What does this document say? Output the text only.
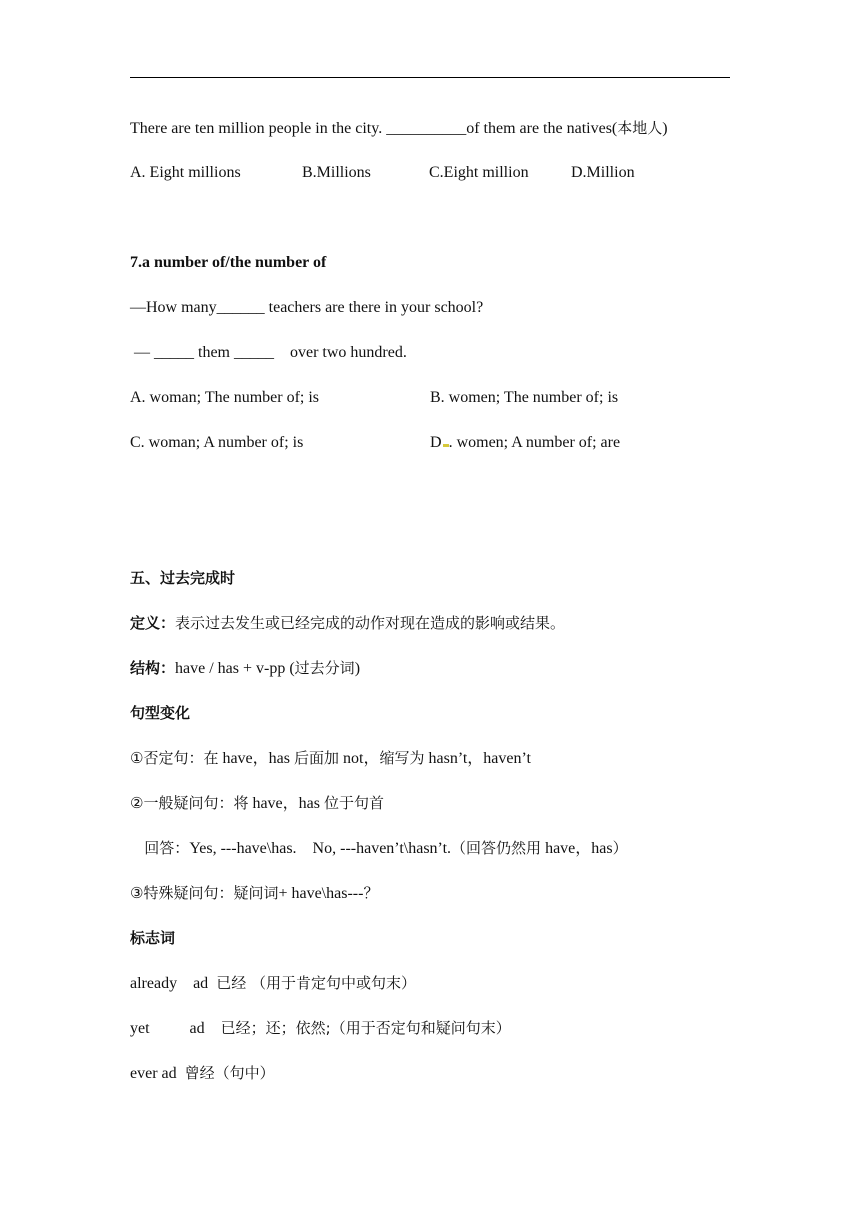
There are ten million people in the city. __________of them are the natives(本地人)
A. Eight millions	B.Millions	C.Eight million	D.Million
7.a number of/the number of
—How many______ teachers are there in your school?
— _____ them _____    over two hundred.
A. woman; The number of; is	B. women; The number of; is
C. woman; A number of; is	D . women; A number of; are
五、过去完成时
定义：表示过去发生或已经完成的动作对现在造成的影响或结果。
结构：have / has + v-pp (过去分词)
句型变化
①否定句：在 have，has 后面加 not，缩写为 hasn’t，haven’t
②一般疑问句：将 have，has 位于句首
回答：Yes, ---have\has.    No, ---haven’t\hasn’t.（回答仍然用 have，has）
③特殊疑问句：疑问词+ have\has---？
标志词
already    ad  已经 （用于肯定句中或句末）
yet          ad    已经；还；依然;（用于否定句和疑问句末）
ever ad  曾经（句中）
